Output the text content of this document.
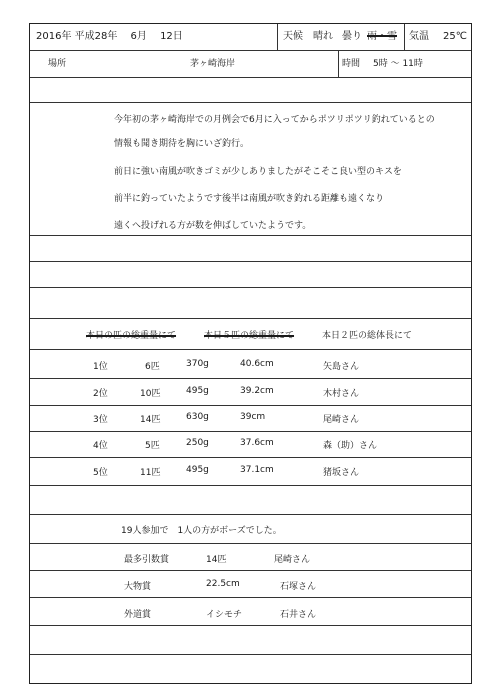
2016年 平成28年　 6月　 12日	天候 晴れ 曇り 雨・雪 気温 25℃
場所	茅ヶ崎海岸	時間 5時 〜 11時
今年初の茅ヶ崎海岸での月例会で6月に入ってからポツリポツリ釣れているとの
情報も聞き期待を胸にいざ釣行。
前日に強い南風が吹きゴミが少しありましたがそこそこ良い型のキスを
前半に釣っていたようです後半は南風が吹き釣れる距離も遠くなり
遠くへ投げれる方が数を伸ばしていたようです。
本日の匹の総重量にて	本日５匹の総重量にて	本日２匹の総体長にて
1位	6匹	370g	40.6cm	矢島さん
2位	10匹	495g	39.2cm	木村さん
3位	14匹	630g	39cm	尾崎さん
4位	5匹	250g	37.6cm	森（助）さん
5位	11匹	495g	37.1cm	猪坂さん
19人参加で　1人の方がボーズでした。
最多引数賞	14匹	尾崎さん
大物賞	22.5cm	石塚さん
外道賞	イシモチ	石井さん
